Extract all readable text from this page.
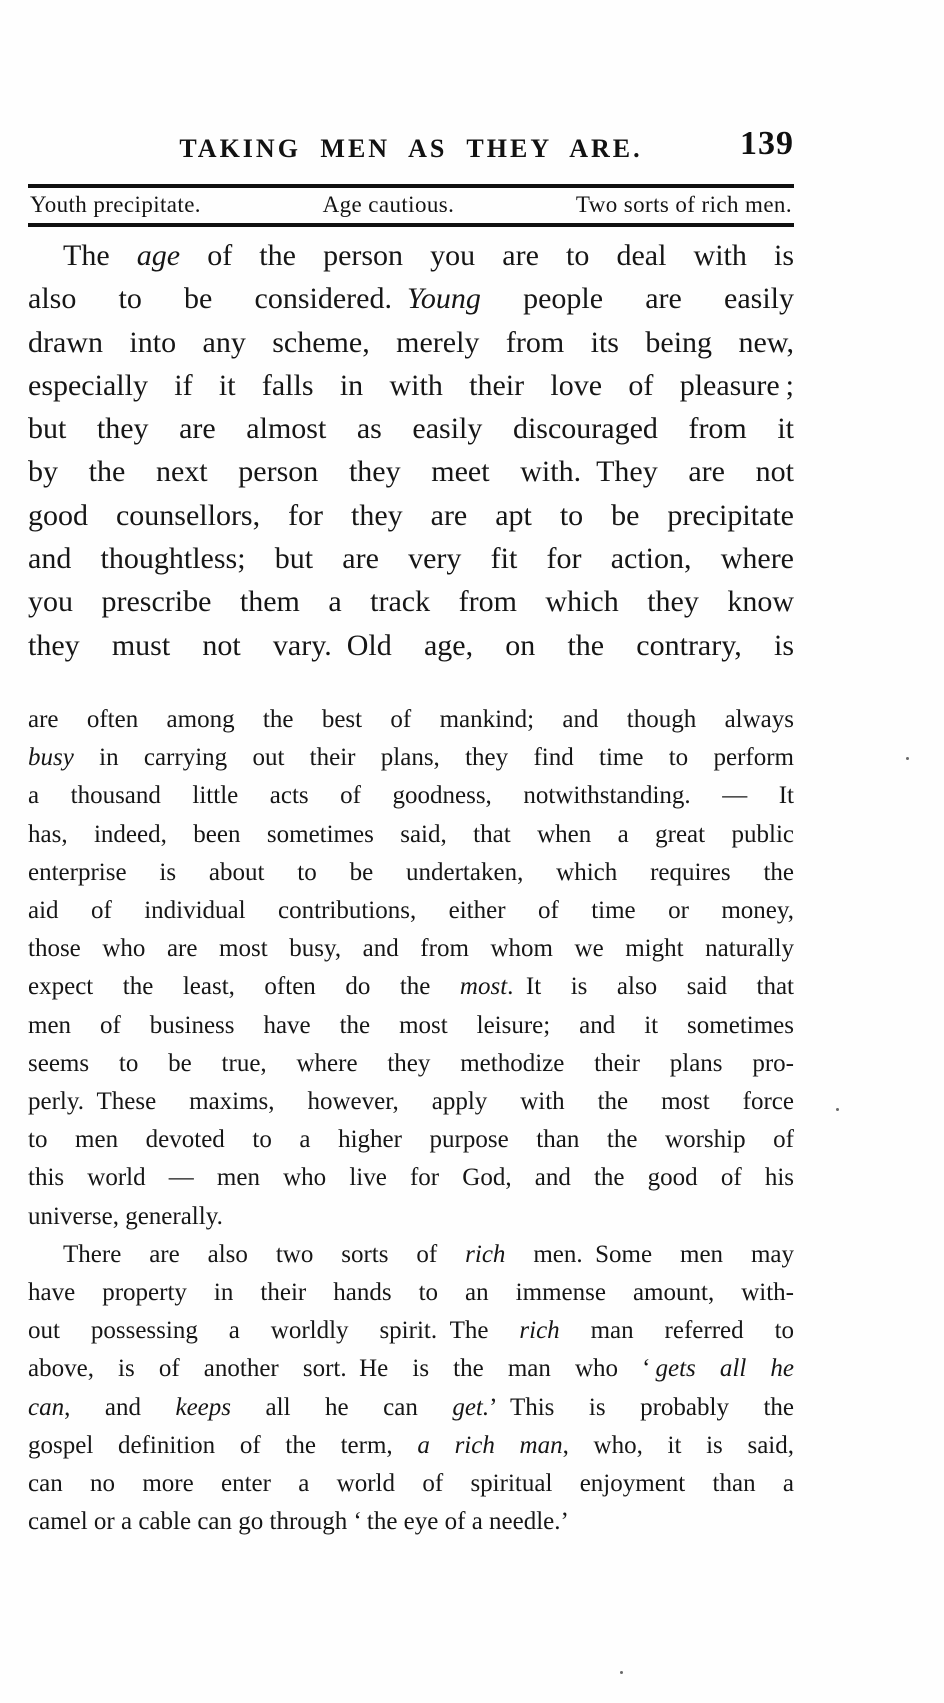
TAKING MEN AS THEY ARE.	139
Youth precipitate.	Age cautious.	Two sorts of rich men.
The age of the person you are to deal with is
also to be considered. Young people are easily
drawn into any scheme, merely from its being new,
especially if it falls in with their love of pleasure ;
but they are almost as easily discouraged from it
by the next person they meet with. They are not
good counsellors, for they are apt to be precipitate
and thoughtless; but are very fit for action, where
you prescribe them a track from which they know
they must not vary. Old age, on the contrary, is
are often among the best of mankind; and though always
busy in carrying out their plans, they find time to perform
a thousand little acts of goodness, notwithstanding. — It
has, indeed, been sometimes said, that when a great public
enterprise is about to be undertaken, which requires the
aid of individual contributions, either of time or money,
those who are most busy, and from whom we might naturally
expect the least, often do the most. It is also said that
men of business have the most leisure; and it sometimes
seems to be true, where they methodize their plans pro-
perly. These maxims, however, apply with the most force
to men devoted to a higher purpose than the worship of
this world — men who live for God, and the good of his
universe, generally.
There are also two sorts of rich men. Some men may
have property in their hands to an immense amount, with-
out possessing a worldly spirit. The rich man referred to
above, is of another sort. He is the man who ‘ gets all he
can, and keeps all he can get.’ This is probably the
gospel definition of the term, a rich man, who, it is said,
can no more enter a world of spiritual enjoyment than a
camel or a cable can go through ‘ the eye of a needle.’
